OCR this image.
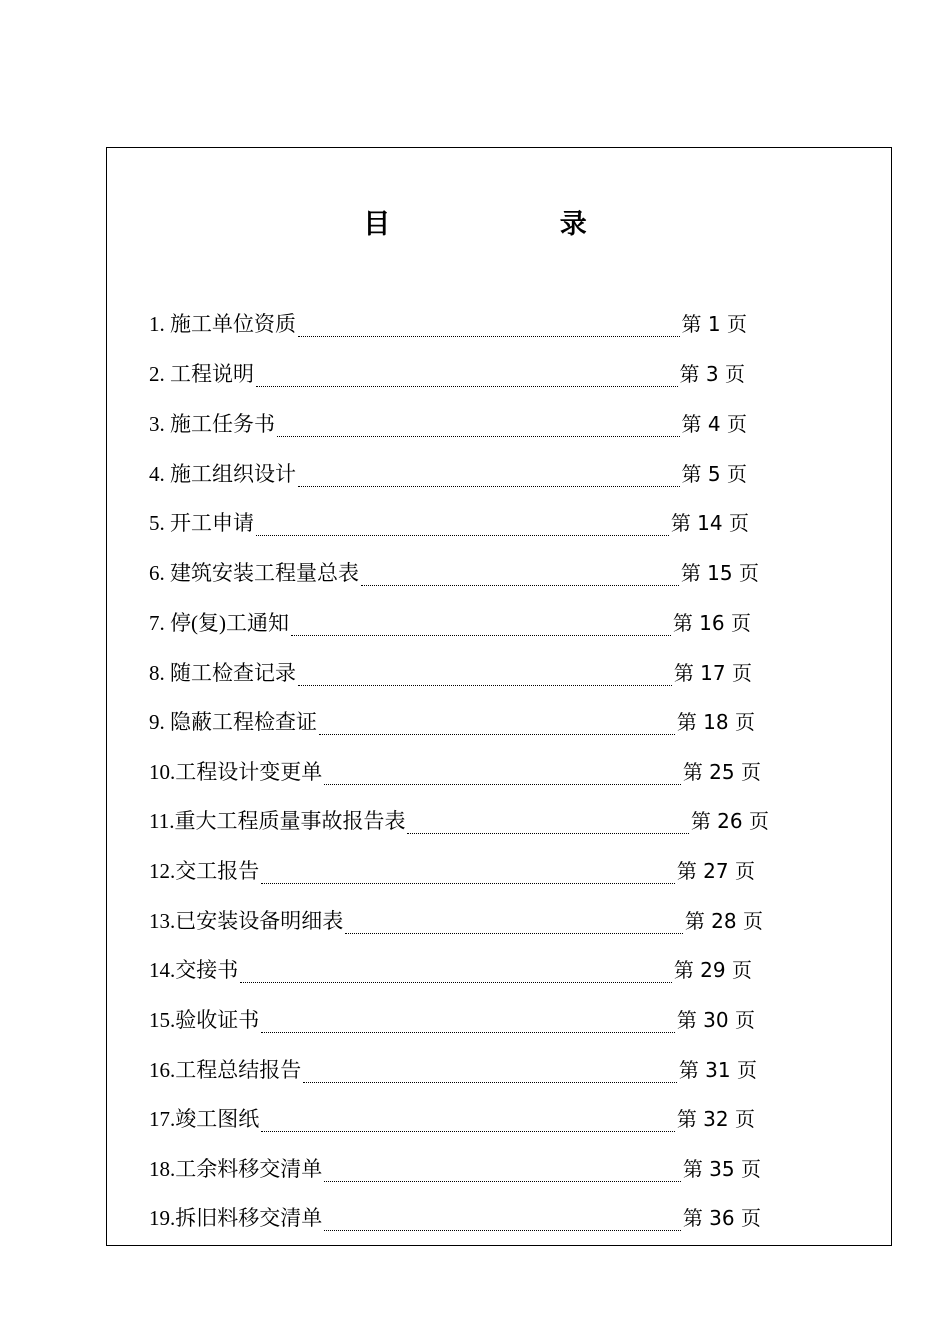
目 录
1. 施工单位资质	第 1 页
2. 工程说明	第 3 页
3. 施工任务书	第 4 页
4. 施工组织设计	第 5 页
5. 开工申请	第 14 页
6. 建筑安装工程量总表	第 15 页
7. 停(复)工通知	第 16 页
8. 随工检查记录	第 17 页
9. 隐蔽工程检查证	第 18 页
10.工程设计变更单	第 25 页
11.重大工程质量事故报告表	第 26 页
12.交工报告	第 27 页
13.已安装设备明细表	第 28 页
14.交接书	第 29 页
15.验收证书	第 30 页
16.工程总结报告	第 31 页
17.竣工图纸	第 32 页
18.工余料移交清单	第 35 页
19.拆旧料移交清单	第 36 页
